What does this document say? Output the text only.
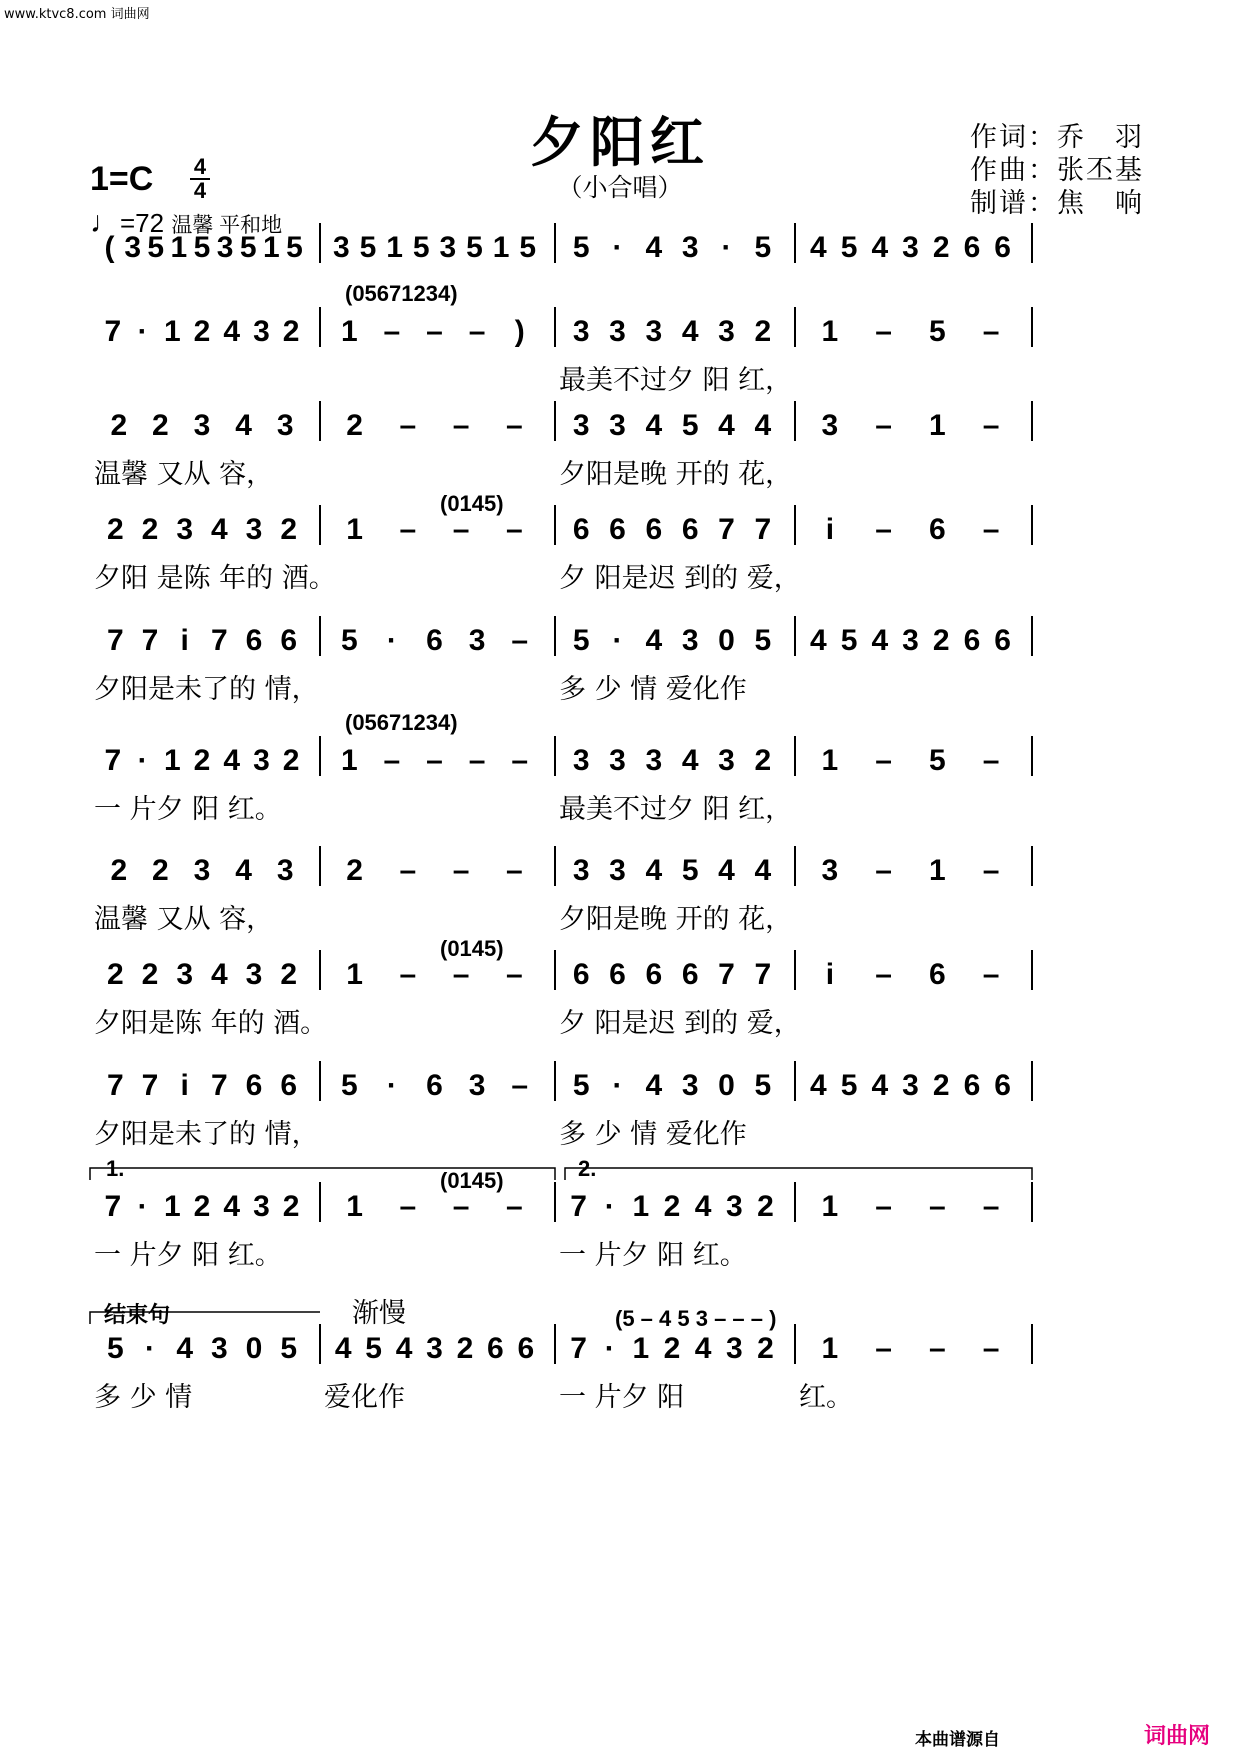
www.ktvc8.com 词曲网
夕阳红
（小合唱）
作词：乔　羽
作曲：张丕基
制谱：焦　响
1=C 4
4
♩=72 温馨 平和地
( 3 5 1 5 3 5 1 5 3 5 1 5 3 5 1 5 5 · 4 3 · 5 4 5 4 3 2 6 6
7 · 1 2 4 3 2 1 – – – ) 3 3 3 4 3 2 1 – 5 –
最美不过夕 阳 红，
(05671234)
2 2 3 4 3 2 – – – 3 3 4 5 4 4 3 – 1 –
温馨 又从 容，	夕阳是晚 开的 花，
2 2 3 4 3 2 1 – – – 6 6 6 6 7 7 i – 6 –
夕阳 是陈 年的 酒。	夕 阳是迟 到的 爱，
(0145)
7 7 i 7 6 6 5 · 6 3 – 5 · 4 3 0 5 4 5 4 3 2 6 6
夕阳是未了的 情，	多 少 情 爱化作
7 · 1 2 4 3 2 1 – – – – 3 3 3 4 3 2 1 – 5 –
一 片夕 阳 红。	最美不过夕 阳 红，
(05671234)
2 2 3 4 3 2 – – – 3 3 4 5 4 4 3 – 1 –
温馨 又从 容，	夕阳是晚 开的 花，
2 2 3 4 3 2 1 – – – 6 6 6 6 7 7 i – 6 –
夕阳是陈 年的 酒。	夕 阳是迟 到的 爱，
(0145)
7 7 i 7 6 6 5 · 6 3 – 5 · 4 3 0 5 4 5 4 3 2 6 6
夕阳是未了的 情，	多 少 情 爱化作
7 · 1 2 4 3 2 1 – – – 7 · 1 2 4 3 2 1 – – –
一 片夕 阳 红。	一 片夕 阳 红。
(0145)
1.	2.
5 · 4 3 0 5 4 5 4 3 2 6 6 7 · 1 2 4 3 2 1 – – –
多 少 情	爱化作	一 片夕 阳	红。
结束句	渐慢	(5 – 4 5 3 – – – )
本曲谱源自	词曲网
